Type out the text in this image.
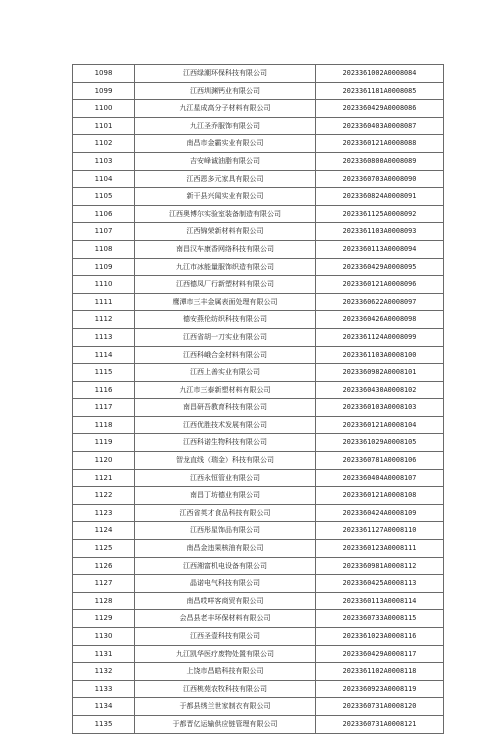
1098	江西绿潮环保科技有限公司	2023361002A0008084
1099	江西圳渊钙业有限公司	2023361181A0008085
1100	九江星成高分子材料有限公司	2023360429A0008086
1101	九江圣乔服饰有限公司	2023360403A0008087
1102	南昌市金霸实业有限公司	2023360121A0008088
1103	吉安峰诚油脂有限公司	2023360800A0008089
1104	江西恩多元家具有限公司	2023360703A0008090
1105	新干县兴闻实业有限公司	2023360824A0008091
1106	江西奥博尔实验室装备制造有限公司	2023361125A0008092
1107	江西锦荣新材料有限公司	2023361103A0008093
1108	南昌汉车康香网络科技有限公司	2023360113A0008094
1109	九江市冰能量服饰织造有限公司	2023360429A0008095
1110	江西德凤厂行新塑材料有限公司	2023360121A0008096
1111	鹰潭市三丰金属表面处理有限公司	2023360622A0008097
1112	德安燕伦纺织科技有限公司	2023360426A0008098
1113	江西省胡一刀实业有限公司	2023361124A0008099
1114	江西科峨合金材料有限公司	2023361103A0008100
1115	江西上善实业有限公司	2023360982A0008101
1116	九江市三泰新塑材料有限公司	2023360430A0008102
1117	南昌研吾教育科技有限公司	2023360103A0008103
1118	江西优胜技术发展有限公司	2023360121A0008104
1119	江西科诺生物科技有限公司	2023361029A0008105
1120	智龙直线（瑞金）科技有限公司	2023360781A0008106
1121	江西永恒管业有限公司	2023360404A0008107
1122	南昌丁坊德业有限公司	2023360121A0008108
1123	江西省英才食品科技有限公司	2023360424A0008109
1124	江西彤星饰品有限公司	2023361127A0008110
1125	南昌金违果核油有限公司	2023360123A0008111
1126	江西湘富机电设备有限公司	2023360981A0008112
1127	晶诺电气科技有限公司	2023360425A0008113
1128	南昌哎咩客商贸有限公司	2023360113A0008114
1129	会昌县老丰环保材料有限公司	2023360733A0008115
1130	江西圣壹科技有限公司	2023361023A0008116
1131	九江凯华医疗废物处置有限公司	2023360429A0008117
1132	上饶市昌皓科技有限公司	2023361102A0008118
1133	江西桃苑农牧科技有限公司	2023360923A0008119
1134	于都县绣兰世家制衣有限公司	2023360731A0008120
1135	于都晋亿运输供应链管理有限公司	2023360731A0008121
